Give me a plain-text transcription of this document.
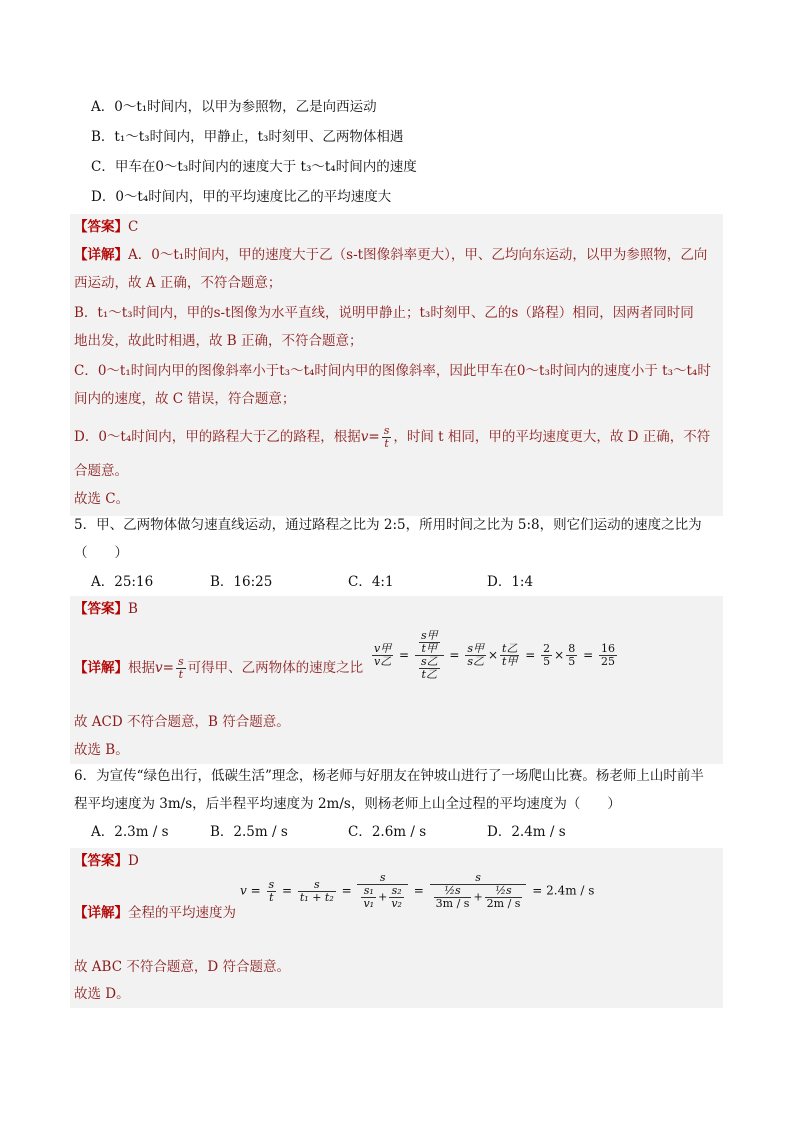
A．0～t₁时间内，以甲为参照物，乙是向西运动
B．t₁～t₃时间内，甲静止，t₃时刻甲、乙两物体相遇
C．甲车在0～t₃时间内的速度大于 t₃～t₄时间内的速度
D．0～t₄时间内，甲的平均速度比乙的平均速度大
【答案】C
【详解】A．0～t₁时间内，甲的速度大于乙（s-t图像斜率更大），甲、乙均向东运动，以甲为参照物，乙向
西运动，故 A 正确，不符合题意；
B．t₁～t₃时间内，甲的s-t图像为水平直线，说明甲静止；t₃时刻甲、乙的s（路程）相同，因两者同时同
地出发，故此时相遇，故 B 正确，不符合题意；
C．0～t₁时间内甲的图像斜率小于t₃～t₄时间内甲的图像斜率，因此甲车在0～t₃时间内的速度小于 t₃～t₄时
间内的速度，故 C 错误，符合题意；
D．0～t₄时间内，甲的路程大于乙的路程，根据$v= \frac{s}{t}$ ，时间 t 相同，甲的平均速度更大，故 D 正确，不符
合题意。
故选 C。
5．甲、乙两物体做匀速直线运动，通过路程之比为 2:5，所用时间之比为 5:8，则它们运动的速度之比为
（　　）
A．25:16	B．16:25	C．4:1	D．1:4
【答案】B
【详解】根据$v= \frac{s}{t}$ 可得甲、乙两物体的速度之比 $\frac{\text{v甲}}{\text{v乙}} = \frac{\frac{\text{s甲}}{\text{t甲}}}{\frac{\text{s乙}}{\text{t乙}}} = \frac{\text{s甲}}{\text{s乙}} \times \frac{\text{t乙}}{\text{t甲}} = \frac{2}{5} \times \frac{8}{5} = \frac{16}{25}$
故 ACD 不符合题意，B 符合题意。
故选 B。
6．为宣传“绿色出行，低碳生活”理念，杨老师与好朋友在钟坡山进行了一场爬山比赛。杨老师上山时前半
程平均速度为 3m/s，后半程平均速度为 2m/s，则杨老师上山全过程的平均速度为（　　）
A．2.3m / s	B．2.5m / s	C．2.6m / s	D．2.4m / s
【答案】D
【详解】全程的平均速度为
$v = \frac{s}{t} = \frac{s}{\text{t₁ + t₂}} = \frac{s}{\frac{\text{s₁}}{\text{v₁}} + \frac{\text{s₂}}{\text{v₂}}} = \frac{s}{\frac{\text{½s}}{3m / s} + \frac{\text{½s}}{2m / s}} = 2.4m / s$
故 ABC 不符合题意，D 符合题意。
故选 D。
